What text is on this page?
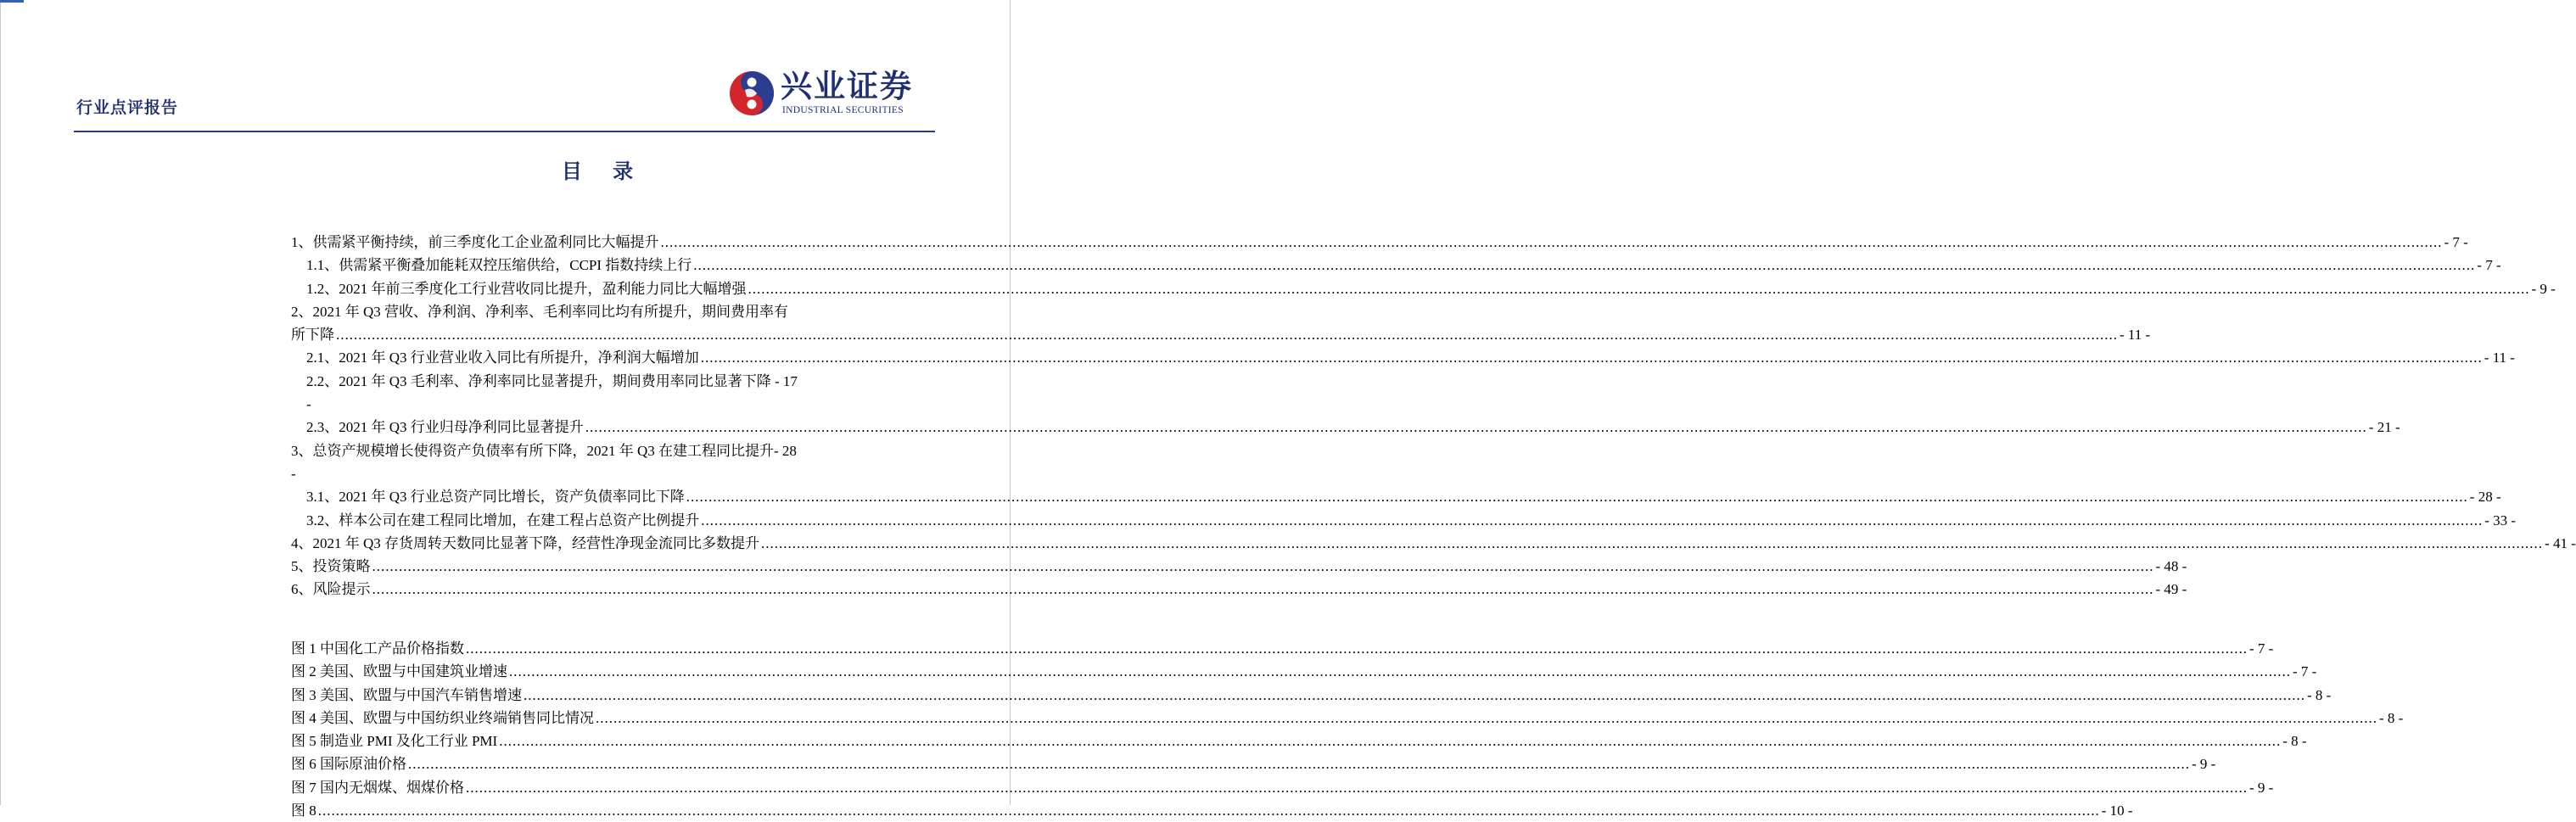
行业点评报告
兴业证券
INDUSTRIAL SECURITIES
目 录
1、供需紧平衡持续，前三季度化工企业盈利同比大幅提升 ................................................................................................................................................................................................................................................................................................................................................................................................................ - 7 -
1.1、供需紧平衡叠加能耗双控压缩供给，CCPI 指数持续上行 ................................................................................................................................................................................................................................................................................................................................................................................................................ - 7 -
1.2、2021 年前三季度化工行业营收同比提升，盈利能力同比大幅增强 ................................................................................................................................................................................................................................................................................................................................................................................................................ - 9 -
2、2021 年 Q3 营收、净利润、净利率、毛利率同比均有所提升，期间费用率有
所下降 ................................................................................................................................................................................................................................................................................................................................................................................................................ - 11 -
2.1、2021 年 Q3 行业营业收入同比有所提升，净利润大幅增加 ................................................................................................................................................................................................................................................................................................................................................................................................................ - 11 -
2.2、2021 年 Q3 毛利率、净利率同比显著提升，期间费用率同比显著下降 - 17
-
2.3、2021 年 Q3 行业归母净利同比显著提升 ................................................................................................................................................................................................................................................................................................................................................................................................................ - 21 -
3、总资产规模增长使得资产负债率有所下降，2021 年 Q3 在建工程同比提升- 28
-
3.1、2021 年 Q3 行业总资产同比增长，资产负债率同比下降 ................................................................................................................................................................................................................................................................................................................................................................................................................ - 28 -
3.2、样本公司在建工程同比增加，在建工程占总资产比例提升 ................................................................................................................................................................................................................................................................................................................................................................................................................ - 33 -
4、2021 年 Q3 存货周转天数同比显著下降，经营性净现金流同比多数提升 ................................................................................................................................................................................................................................................................................................................................................................................................................ - 41 -
5、投资策略 ................................................................................................................................................................................................................................................................................................................................................................................................................ - 48 -
6、风险提示 ................................................................................................................................................................................................................................................................................................................................................................................................................ - 49 -
图 1 中国化工产品价格指数 ................................................................................................................................................................................................................................................................................................................................................................................................................ - 7 -
图 2 美国、欧盟与中国建筑业增速 ................................................................................................................................................................................................................................................................................................................................................................................................................ - 7 -
图 3 美国、欧盟与中国汽车销售增速 ................................................................................................................................................................................................................................................................................................................................................................................................................ - 8 -
图 4 美国、欧盟与中国纺织业终端销售同比情况 ................................................................................................................................................................................................................................................................................................................................................................................................................ - 8 -
图 5 制造业 PMI 及化工行业 PMI ................................................................................................................................................................................................................................................................................................................................................................................................................ - 8 -
图 6 国际原油价格 ................................................................................................................................................................................................................................................................................................................................................................................................................ - 9 -
图 7 国内无烟煤、烟煤价格 ................................................................................................................................................................................................................................................................................................................................................................................................................ - 9 -
图 8 ................................................................................................................................................................................................................................................................................................................................................................................................................ - 10 -
